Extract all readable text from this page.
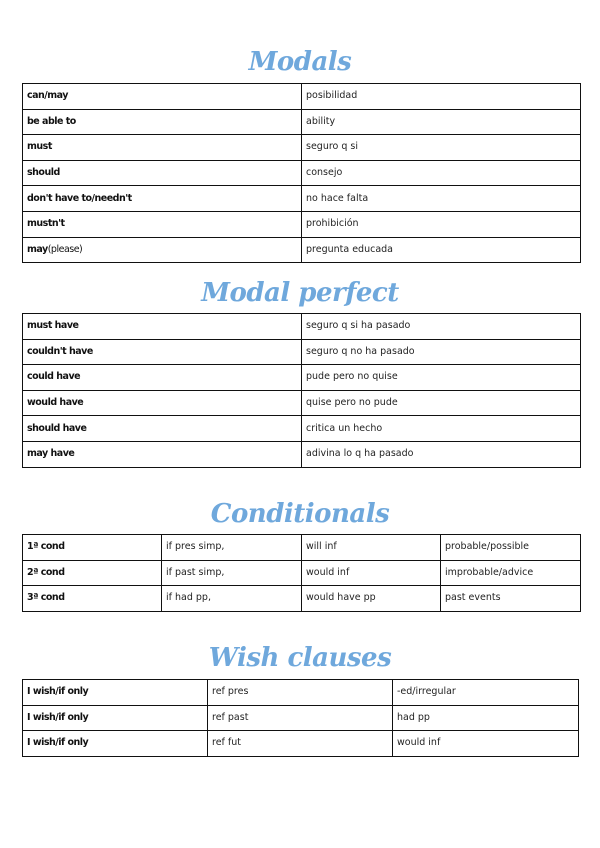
Modals
can/may	posibilidad
be able to	ability
must	seguro q si
should	consejo
don't have to/needn't	no hace falta
mustn't	prohibición
may(please)	pregunta educada
Modal perfect
must have	seguro q si ha pasado
couldn't have	seguro q no ha pasado
could have	pude pero no quise
would have	quise pero no pude
should have	critica un hecho
may have	adivina lo q ha pasado
Conditionals
1ª cond	if pres simp,	will inf	probable/possible
2ª cond	if past simp,	would inf	improbable/advice
3ª cond	if had pp,	would have pp	past events
Wish clauses
I wish/if only	ref pres	-ed/irregular
I wish/if only	ref past	had pp
I wish/if only	ref fut	would inf
